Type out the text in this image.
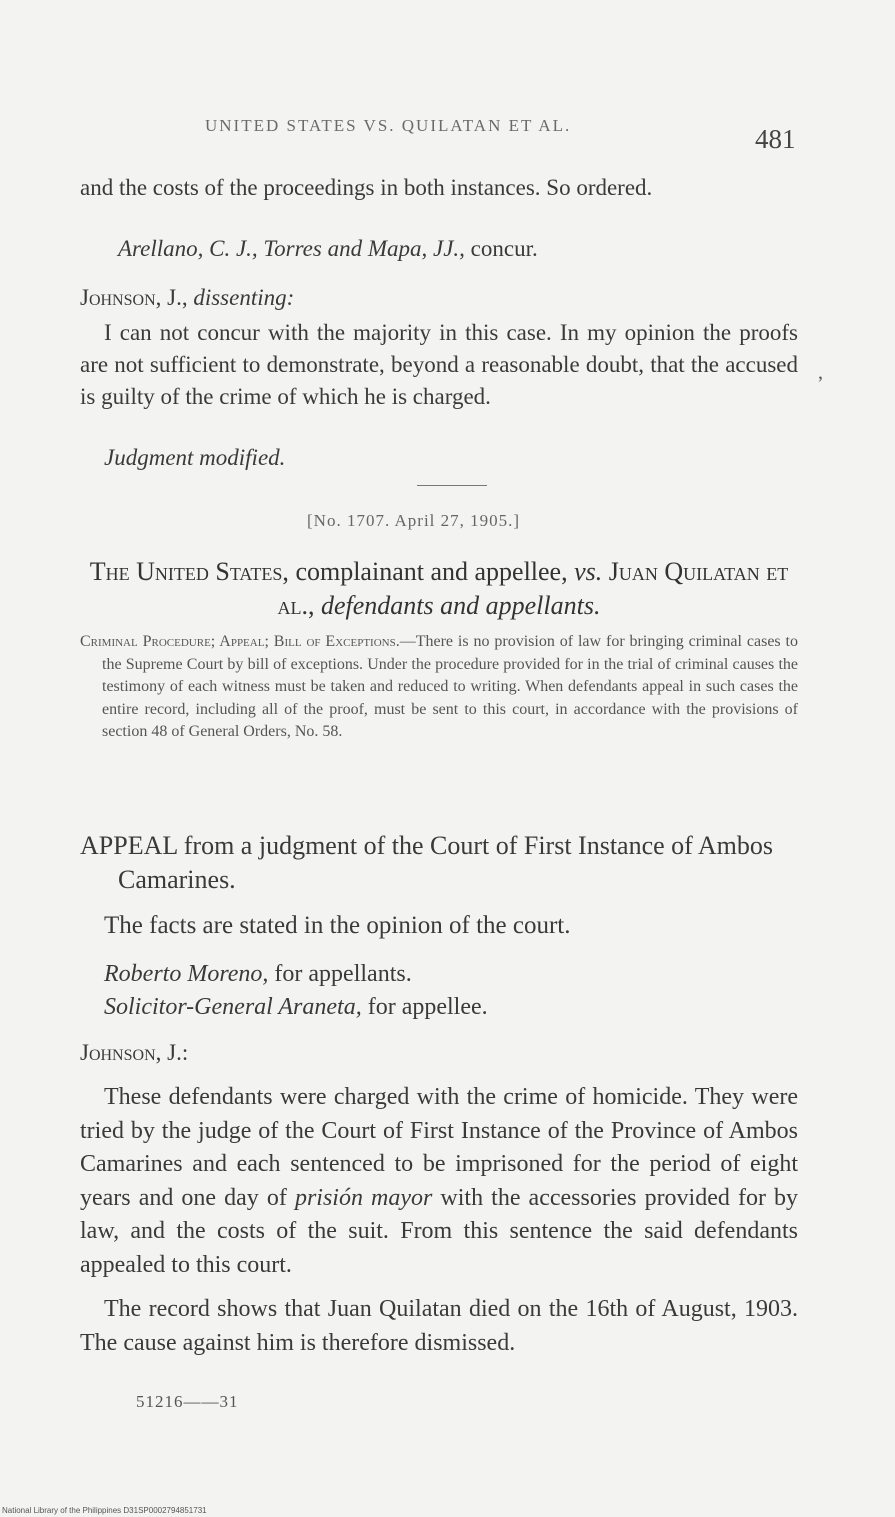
UNITED STATES VS. QUILATAN ET AL.	481

and the costs of the proceedings in both instances. So ordered.

Arellano, C. J., Torres and Mapa, JJ., concur.

Johnson, J., dissenting:

I can not concur with the majority in this case. In my opinion the proofs are not sufficient to demonstrate, beyond a reasonable doubt, that the accused is guilty of the crime of which he is charged.

Judgment modified.

[No. 1707. April 27, 1905.]

The United States, complainant and appellee, vs. Juan Quilatan et al., defendants and appellants.

Criminal Procedure; Appeal; Bill of Exceptions.—There is no provision of law for bringing criminal cases to the Supreme Court by bill of exceptions. Under the procedure provided for in the trial of criminal causes the testimony of each witness must be taken and reduced to writing. When defendants appeal in such cases the entire record, including all of the proof, must be sent to this court, in accordance with the provisions of section 48 of General Orders, No. 58.

APPEAL from a judgment of the Court of First Instance of Ambos Camarines.

The facts are stated in the opinion of the court.

Roberto Moreno, for appellants.
Solicitor-General Araneta, for appellee.

Johnson, J.:

These defendants were charged with the crime of homicide. They were tried by the judge of the Court of First Instance of the Province of Ambos Camarines and each sentenced to be imprisoned for the period of eight years and one day of prisión mayor with the accessories provided for by law, and the costs of the suit. From this sentence the said defendants appealed to this court.

The record shows that Juan Quilatan died on the 16th of August, 1903. The cause against him is therefore dismissed.

51216——31

ʼ

National Library of the Philippines D31SP0002794851731
